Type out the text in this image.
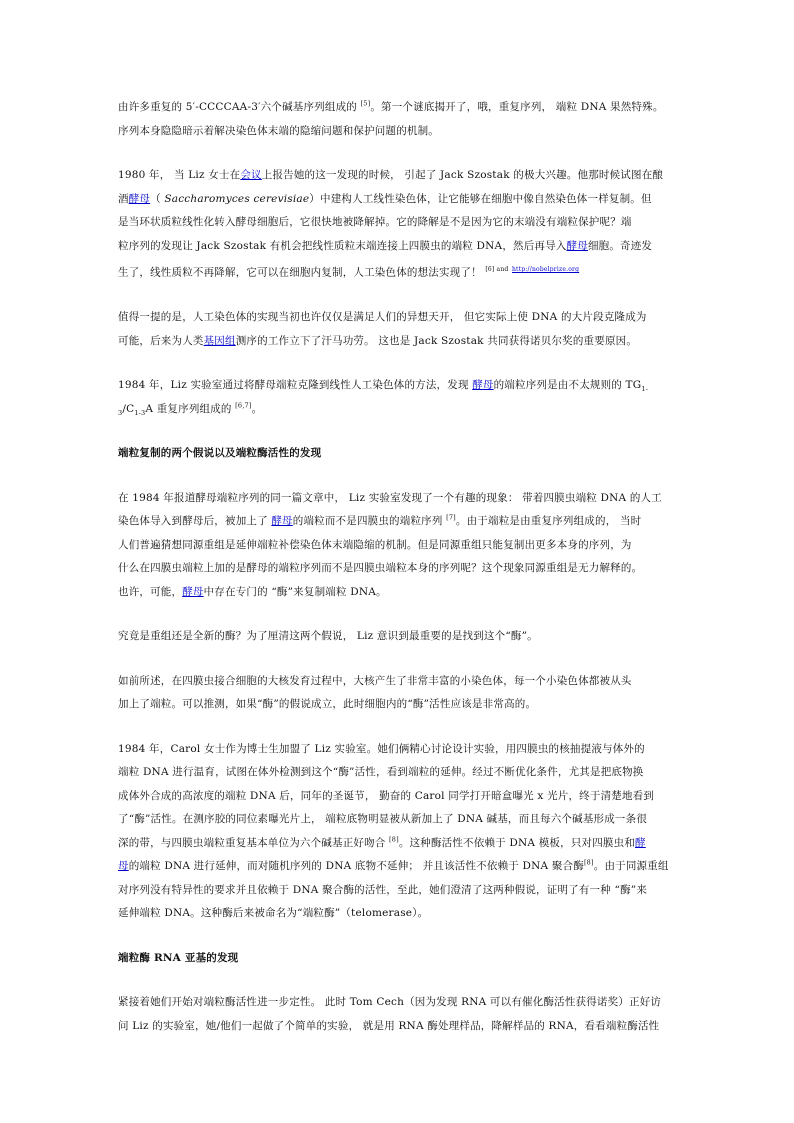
由许多重复的 5′-CCCCAA-3′六个碱基序列组成的 [5]。第一个谜底揭开了，哦，重复序列， 端粒 DNA 果然特殊。

序列本身隐隐暗示着解决染色体末端的隐缩问题和保护问题的机制。

1980 年， 当 Liz 女士在会议上报告她的这一发现的时候， 引起了 Jack Szostak 的极大兴趣。他那时候试图在酿

酒酵母（ Saccharomyces cerevisiae）中建构人工线性染色体，让它能够在细胞中像自然染色体一样复制。但

是当环状质粒线性化转入酵母细胞后，它很快地被降解掉。它的降解是不是因为它的末端没有端粒保护呢？端

粒序列的发现让 Jack Szostak 有机会把线性质粒末端连接上四膜虫的端粒 DNA，然后再导入酵母细胞。奇迹发

生了，线性质粒不再降解，它可以在细胞内复制，人工染色体的想法实现了！ $^{[6] and}$ $^{http://nobelprize.org}$

值得一提的是，人工染色体的实现当初也许仅仅是满足人们的异想天开， 但它实际上使 DNA 的大片段克隆成为

可能，后来为人类基因组测序的工作立下了汗马功劳。 这也是 Jack Szostak 共同获得诺贝尔奖的重要原因。

1984 年，Liz 实验室通过将酵母端粒克隆到线性人工染色体的方法，发现 酵母的端粒序列是由不太规则的 $TG_{1-}$

$_3/C_{1-3}A$ 重复序列组成的 [6,7]。

端粒复制的两个假说以及端粒酶活性的发现

在 1984 年报道酵母端粒序列的同一篇文章中， Liz 实验室发现了一个有趣的现象： 带着四膜虫端粒 DNA 的人工

染色体导入到酵母后，被加上了 酵母的端粒而不是四膜虫的端粒序列 [7]。由于端粒是由重复序列组成的， 当时

人们普遍猜想同源重组是延伸端粒补偿染色体末端隐缩的机制。但是同源重组只能复制出更多本身的序列，为

什么在四膜虫端粒上加的是酵母的端粒序列而不是四膜虫端粒本身的序列呢？这个现象同源重组是无力解释的。

也许，可能，酵母中存在专门的 “酶”来复制端粒 DNA。

究竟是重组还是全新的酶？为了厘清这两个假说， Liz 意识到最重要的是找到这个“酶”。

如前所述，在四膜虫接合细胞的大核发育过程中，大核产生了非常丰富的小染色体，每一个小染色体都被从头

加上了端粒。可以推测，如果“酶”的假说成立，此时细胞内的“酶”活性应该是非常高的。

1984 年，Carol 女士作为博士生加盟了 Liz 实验室。她们俩精心讨论设计实验，用四膜虫的核抽提液与体外的

端粒 DNA 进行温育，试图在体外检测到这个“酶”活性，看到端粒的延伸。经过不断优化条件，尤其是把底物换

成体外合成的高浓度的端粒 DNA 后，同年的圣诞节， 勤奋的 Carol 同学打开暗盒曝光 x 光片，终于清楚地看到

了“酶”活性。在测序胶的同位素曝光片上， 端粒底物明显被从新加上了 DNA 碱基，而且每六个碱基形成一条很

深的带，与四膜虫端粒重复基本单位为六个碱基正好吻合 [8]。这种酶活性不依赖于 DNA 模板，只对四膜虫和酵

母的端粒 DNA 进行延伸，而对随机序列的 DNA 底物不延伸； 并且该活性不依赖于 DNA 聚合酶[8]。由于同源重组

对序列没有特异性的要求并且依赖于 DNA 聚合酶的活性，至此，她们澄清了这两种假说，证明了有一种 “酶”来

延伸端粒 DNA。这种酶后来被命名为“端粒酶”（telomerase）。

端粒酶 RNA 亚基的发现

紧接着她们开始对端粒酶活性进一步定性。 此时 Tom Cech（因为发现 RNA 可以有催化酶活性获得诺奖）正好访

问 Liz 的实验室，她/他们一起做了个简单的实验， 就是用 RNA 酶处理样品，降解样品的 RNA，看看端粒酶活性
